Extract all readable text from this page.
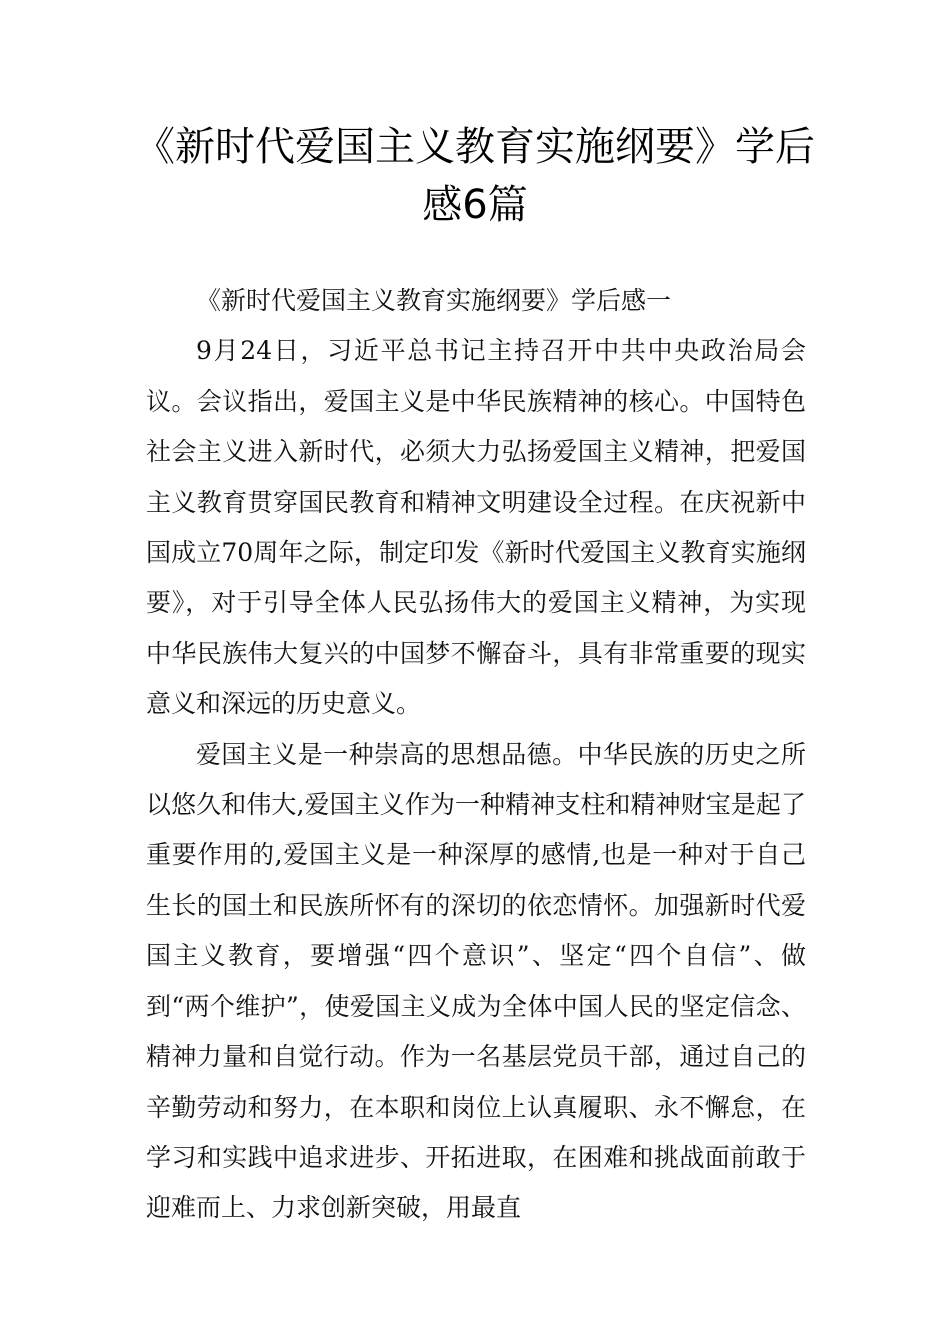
《新时代爱国主义教育实施纲要》学后感6篇

《新时代爱国主义教育实施纲要》学后感一

9月24日，习近平总书记主持召开中共中央政治局会议。会议指出，爱国主义是中华民族精神的核心。中国特色社会主义进入新时代，必须大力弘扬爱国主义精神，把爱国主义教育贯穿国民教育和精神文明建设全过程。在庆祝新中国成立70周年之际，制定印发《新时代爱国主义教育实施纲要》，对于引导全体人民弘扬伟大的爱国主义精神，为实现中华民族伟大复兴的中国梦不懈奋斗，具有非常重要的现实意义和深远的历史意义。

爱国主义是一种崇高的思想品德。中华民族的历史之所以悠久和伟大,爱国主义作为一种精神支柱和精神财宝是起了重要作用的,爱国主义是一种深厚的感情,也是一种对于自己生长的国土和民族所怀有的深切的依恋情怀。加强新时代爱国主义教育，要增强“四个意识”、坚定“四个自信”、做到“两个维护”，使爱国主义成为全体中国人民的坚定信念、精神力量和自觉行动。作为一名基层党员干部，通过自己的辛勤劳动和努力，在本职和岗位上认真履职、永不懈怠，在学习和实践中追求进步、开拓进取，在困难和挑战面前敢于迎难而上、力求创新突破，用最直
